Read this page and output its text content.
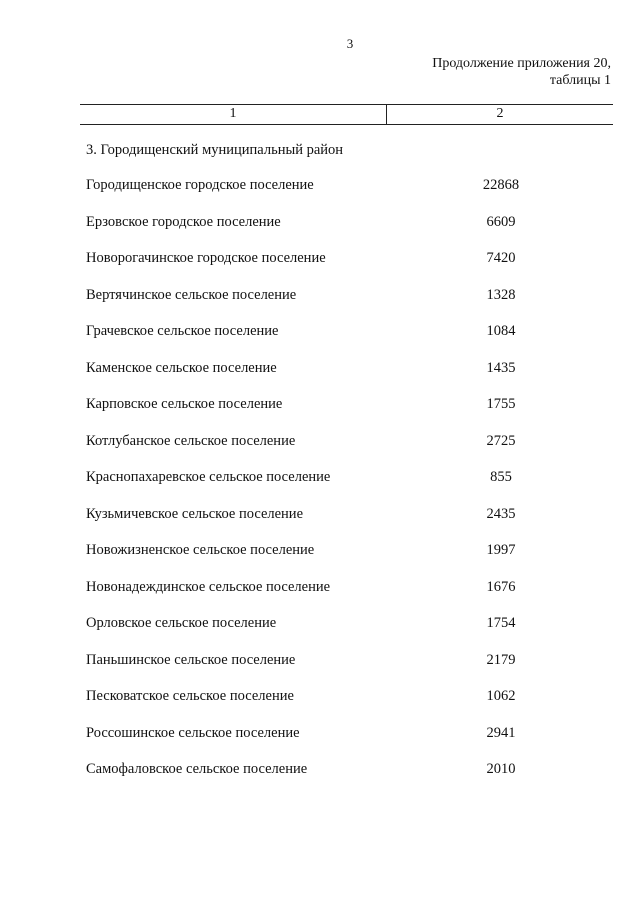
3
Продолжение приложения 20,
таблицы 1
1	2
3. Городищенский муниципальный район
Городищенское городское поселение	22868
Ерзовское городское поселение	6609
Новорогачинское городское поселение	7420
Вертячинское сельское поселение	1328
Грачевское сельское поселение	1084
Каменское сельское поселение	1435
Карповское сельское поселение	1755
Котлубанское сельское поселение	2725
Краснопахаревское сельское поселение	855
Кузьмичевское сельское поселение	2435
Новожизненское сельское поселение	1997
Новонадеждинское сельское поселение	1676
Орловское сельское поселение	1754
Паньшинское сельское поселение	2179
Песковатское сельское поселение	1062
Россошинское сельское поселение	2941
Самофаловское сельское поселение	2010
